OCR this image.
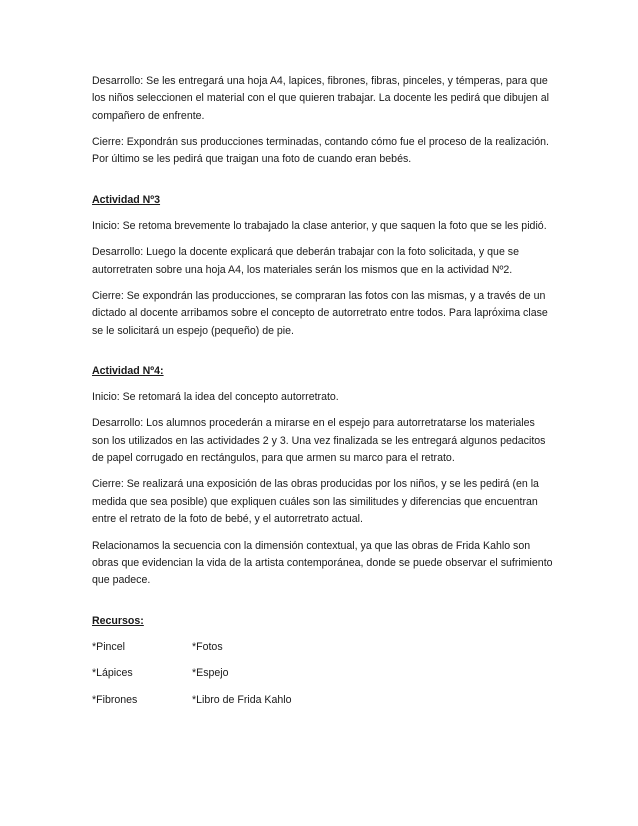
Desarrollo: Se les entregará una hoja A4, lapices, fibrones, fibras, pinceles, y témperas, para que los niños seleccionen el material con el que quieren trabajar. La docente les pedirá que dibujen al compañero de enfrente.

Cierre: Expondrán sus producciones terminadas, contando cómo fue el proceso de la realización. Por último se les pedirá que traigan una foto de cuando eran bebés.

Actividad Nº3

Inicio: Se retoma brevemente lo trabajado la clase anterior, y que saquen la foto que se les pidió.

Desarrollo: Luego la docente explicará que deberán trabajar con la foto solicitada, y que se autorretraten sobre una hoja A4, los materiales serán los mismos que en la actividad Nº2.

Cierre: Se expondrán las producciones, se compraran las fotos con las mismas, y a través de un dictado al docente arribamos sobre el concepto de autorretrato entre todos. Para laprόxima clase se le solicitará un espejo (pequeño) de pie.

Actividad Nº4:

Inicio: Se retomará la idea del concepto autorretrato.

Desarrollo: Los alumnos procederán a mirarse en el espejo para autorretratarse los materiales son los utilizados en las actividades 2 y 3. Una vez finalizada se les entregará algunos pedacitos de papel corrugado en rectángulos, para que armen su marco para el retrato.

Cierre: Se realizará una exposición de las obras producidas por los niños, y se les pedirá (en la medida que sea posible) que expliquen cuáles son las similitudes y diferencias que encuentran entre el retrato de la foto de bebé, y el autorretrato actual.

Relacionamos la secuencia con la dimensión contextual, ya que las obras de Frida Kahlo son obras que evidencian la vida de la artista contemporánea, donde se puede observar el sufrimiento que padece.

Recursos:

*Pincel	*Fotos
*Lápices	*Espejo
*Fibrones	*Libro de Frida Kahlo
